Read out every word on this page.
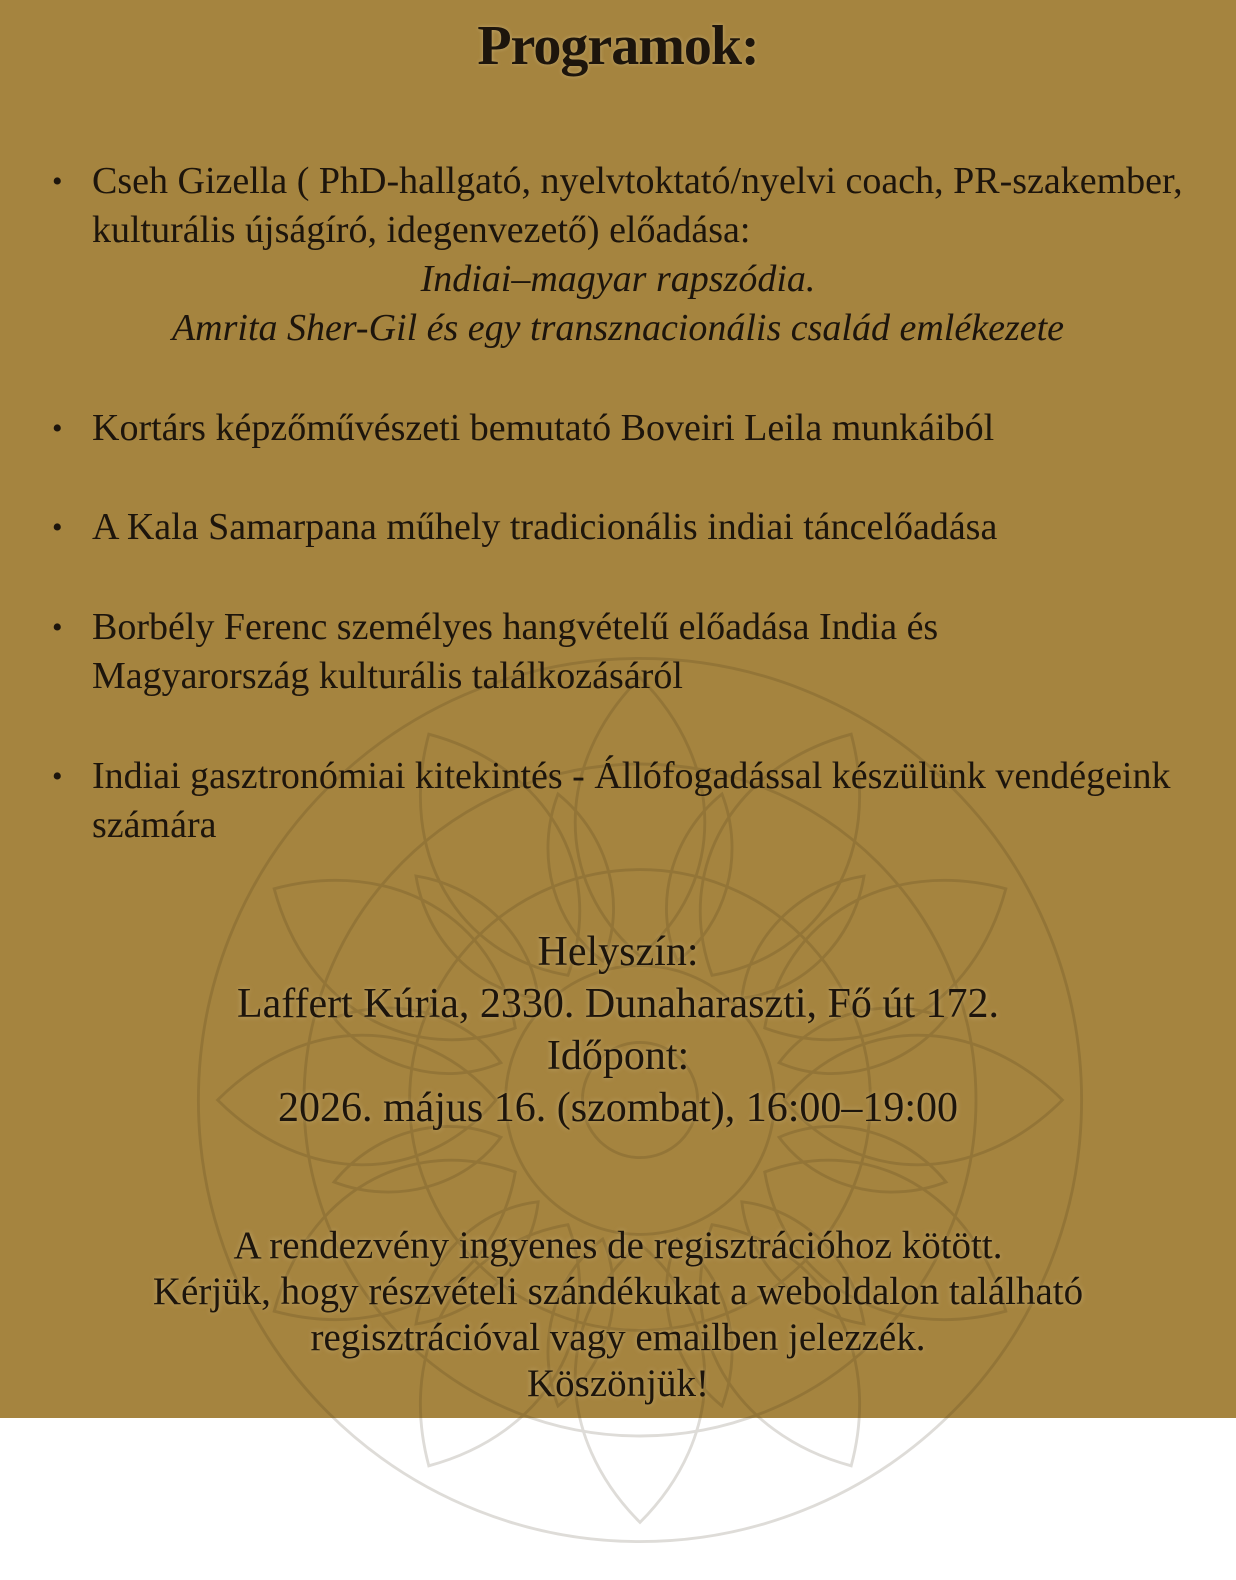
Programok:
• Cseh Gizella ( PhD-hallgató, nyelvtoktató/nyelvi coach, PR-szakember, kulturális újságíró, idegenvezető) előadása:
Indiai–magyar rapszódia.
Amrita Sher-Gil és egy transznacionális család emlékezete
• Kortárs képzőművészeti bemutató Boveiri Leila munkáiból
• A Kala Samarpana műhely tradicionális indiai táncelőadása
• Borbély Ferenc személyes hangvételű előadása India és Magyarország kulturális találkozásáról
• Indiai gasztronómiai kitekintés - Állófogadással készülünk vendégeink számára
Helyszín:
Laffert Kúria, 2330. Dunaharaszti, Fő út 172.
Időpont:
2026. május 16. (szombat), 16:00–19:00
A rendezvény ingyenes de regisztrációhoz kötött.
Kérjük, hogy részvételi szándékukat a weboldalon található
regisztrációval vagy emailben jelezzék.
Köszönjük!
